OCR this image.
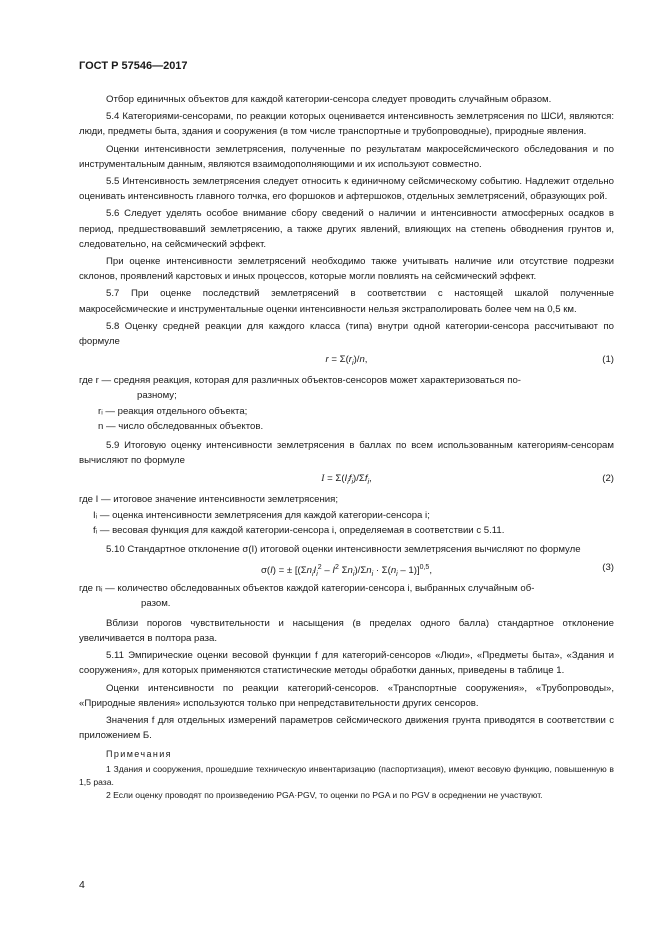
ГОСТ Р 57546—2017

Отбор единичных объектов для каждой категории-сенсора следует проводить случайным образом.

5.4 Категориями-сенсорами, по реакции которых оценивается интенсивность землетрясения по ШСИ, являются: люди, предметы быта, здания и сооружения (в том числе транспортные и трубопроводные), природные явления.

Оценки интенсивности землетрясения, полученные по результатам макросейсмического обследования и по инструментальным данным, являются взаимодополняющими и их используют совместно.

5.5 Интенсивность землетрясения следует относить к единичному сейсмическому событию. Надлежит отдельно оценивать интенсивность главного толчка, его форшоков и афтершоков, отдельных землетрясений, образующих рой.

5.6 Следует уделять особое внимание сбору сведений о наличии и интенсивности атмосферных осадков в период, предшествовавший землетрясению, а также других явлений, влияющих на степень обводнения грунтов и, следовательно, на сейсмический эффект.

При оценке интенсивности землетрясений необходимо также учитывать наличие или отсутствие подрезки склонов, проявлений карстовых и иных процессов, которые могли повлиять на сейсмический эффект.

5.7 При оценке последствий землетрясений в соответствии с настоящей шкалой полученные макросейсмические и инструментальные оценки интенсивности нельзя экстраполировать более чем на 0,5 км.

5.8 Оценку средней реакции для каждого класса (типа) внутри одной категории-сенсора рассчитывают по формуле

$r = \Sigma(r_i)/n$,	(1)

где r — средняя реакция, которая для различных объектов-сенсоров может характеризоваться по-

разному;

rᵢ — реакция отдельного объекта;

n — число обследованных объектов.

5.9 Итоговую оценку интенсивности землетрясения в баллах по всем использованным категориям-сенсорам вычисляют по формуле

$I = \Sigma(I_if_i)/\Sigma f_i$,	(2)

где I — итоговое значение интенсивности землетрясения;

Iᵢ — оценка интенсивности землетрясения для каждой категории-сенсора i;

fᵢ — весовая функция для каждой категории-сенсора i, определяемая в соответствии с 5.11.

5.10 Стандартное отклонение σ(I) итоговой оценки интенсивности землетрясения вычисляют по формуле

σ(I) = ± [($\Sigma n_iI_i^2 - I^2$ $\Sigma n_i)/\Sigma n_i \cdot \Sigma(n_i - 1)]^{0,5}$,	(3)

где nᵢ — количество обследованных объектов каждой категории-сенсора i, выбранных случайным об-

разом.

Вблизи порогов чувствительности и насыщения (в пределах одного балла) стандартное отклонение увеличивается в полтора раза.

5.11 Эмпирические оценки весовой функции f для категорий-сенсоров «Люди», «Предметы быта», «Здания и сооружения», для которых применяются статистические методы обработки данных, приведены в таблице 1.

Оценки интенсивности по реакции категорий-сенсоров. «Транспортные сооружения», «Трубопроводы», «Природные явления» используются только при непредставительности других сенсоров.

Значения f для отдельных измерений параметров сейсмического движения грунта приводятся в соответствии с приложением Б.

Примечания

1 Здания и сооружения, прошедшие техническую инвентаризацию (паспортизация), имеют весовую функцию, повышенную в 1,5 раза.

2 Если оценку проводят по произведению PGA·PGV, то оценки по PGA и по PGV в осреднении не участвуют.

4
